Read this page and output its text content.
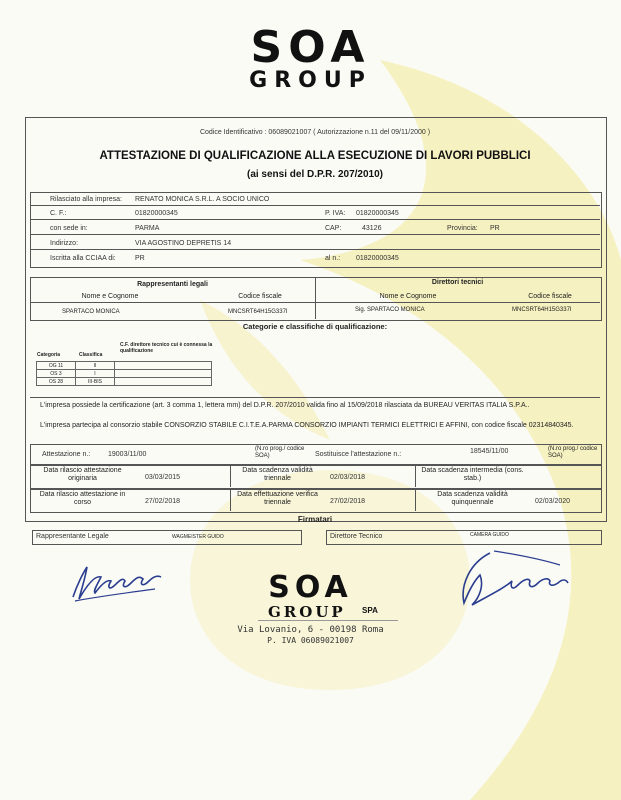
SOA
GROUP
Codice Identificativo : 06089021007 ( Autorizzazione n.11 del 09/11/2000 )
ATTESTAZIONE DI QUALIFICAZIONE ALLA ESECUZIONE DI LAVORI PUBBLICI
(ai sensi del D.P.R. 207/2010)
Rilasciato alla impresa: RENATO MONICA S.R.L. A SOCIO UNICO
C. F.:	01820000345	P. IVA: 01820000345
con sede in:	PARMA	CAP:	43126	Provincia: PR
Indirizzo:	VIA AGOSTINO DEPRETIS 14
Iscritta alla CCIAA di:	PR	al n.: 01820000345
Rappresentanti legali	Direttori tecnici
Nome e Cognome	Codice fiscale	Nome e Cognome	Codice fiscale
SPARTACO MONICA	MNCSRT64H15G337I	Sig. SPARTACO MONICA	MNCSRT64H15G337I
Categorie e classifiche di qualificazione:
Categoria	Classifica
C.F. direttore tecnico cui è connessa la qualificazione
OG 11	II	
OS 3	I	
OS 28	III-BIS	
L'impresa possiede la certificazione (art. 3 comma 1, lettera mm) del D.P.R. 207/2010 valida fino al 15/09/2018 rilasciata da BUREAU VERITAS ITALIA S.P.A..
L'impresa partecipa al consorzio stabile CONSORZIO STABILE C.I.T.E.A.PARMA CONSORZIO IMPIANTI TERMICI ELETTRICI E AFFINI, con codice fiscale 02314840345.
Attestazione n.:	19003/11/00
(N.ro prog./ codice SOA)	Sostituisce l'attestazione n.:	18545/11/00	(N.ro prog./ codice SOA)
Data rilascio attestazione originaria	03/03/2015
Data scadenza validità triennale	02/03/2018
Data scadenza intermedia (cons. stab.)
Data rilascio attestazione in corso	27/02/2018
Data effettuazione verifica triennale	27/02/2018
Data scadenza validità quinquennale	02/03/2020
Firmatari
Rappresentante Legale	WAGMEISTER GUIDO	Direttore Tecnico	CAMERA GUIDO
SOA
GROUP SPA
Via Lovanio, 6 - 00198 Roma
P. IVA 06089021007
